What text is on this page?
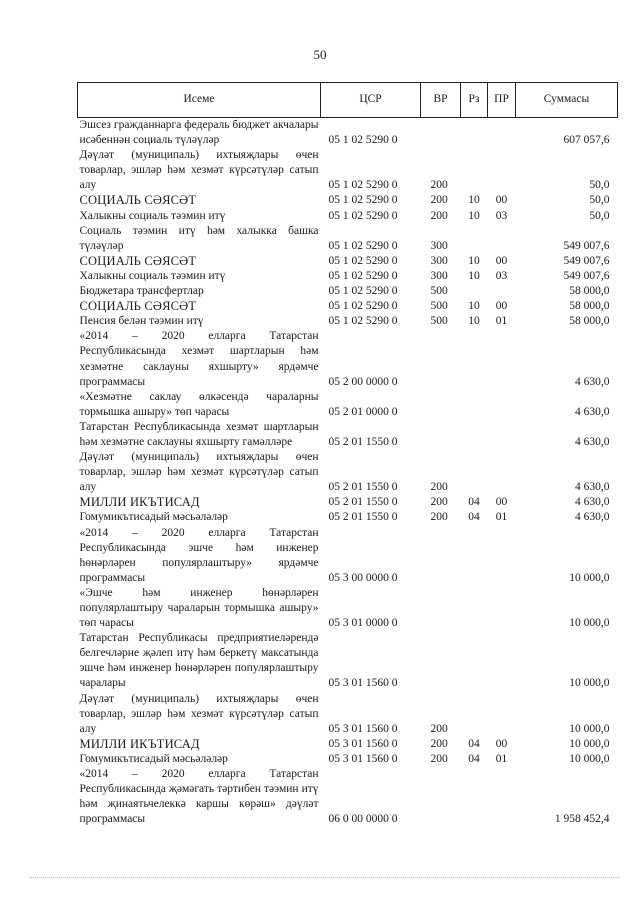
50
Исеме	ЦСР	ВР	Рз	ПР	Суммасы
Эшсез гражданнарга федераль бюджет акчалары исәбеннән социаль түләүләр	05 1 02 5290 0				607 057,6
Дәүләт (муниципаль) ихтыяҗлары өчен товарлар, эшләр һәм хезмәт күрсәтүләр сатып алу	05 1 02 5290 0	200			50,0
СОЦИАЛЬ СӘЯСӘТ	05 1 02 5290 0	200	10	00	50,0
Халыкны социаль тәэмин итү	05 1 02 5290 0	200	10	03	50,0
Социаль тәэмин итү һәм халыкка башка түләүләр	05 1 02 5290 0	300			549 007,6
СОЦИАЛЬ СӘЯСӘТ	05 1 02 5290 0	300	10	00	549 007,6
Халыкны социаль тәэмин итү	05 1 02 5290 0	300	10	03	549 007,6
Бюджетара трансфертлар	05 1 02 5290 0	500			58 000,0
СОЦИАЛЬ СӘЯСӘТ	05 1 02 5290 0	500	10	00	58 000,0
Пенсия белән тәэмин итү	05 1 02 5290 0	500	10	01	58 000,0
«2014 – 2020 елларга Татарстан Республикасында хезмәт шартларын һәм хезмәтне саклауны яхшырту» ярдәмче программасы	05 2 00 0000 0				4 630,0
«Хезмәтне саклау өлкәсендә чараларны тормышка ашыру» төп чарасы	05 2 01 0000 0				4 630,0
Татарстан Республикасында хезмәт шартларын һәм хезмәтне саклауны яхшырту гамәлләре	05 2 01 1550 0				4 630,0
Дәүләт (муниципаль) ихтыяҗлары өчен товарлар, эшләр һәм хезмәт күрсәтүләр сатып алу	05 2 01 1550 0	200			4 630,0
МИЛЛИ ИКЪТИСАД	05 2 01 1550 0	200	04	00	4 630,0
Гомумикътисадый мәсьәләләр	05 2 01 1550 0	200	04	01	4 630,0
«2014 – 2020 елларга Татарстан Республикасында эшче һәм инженер һөнәрләрен популярлаштыру» ярдәмче программасы	05 3 00 0000 0				10 000,0
«Эшче һәм инженер һөнәрләрен популярлаштыру чараларын тормышка ашыру» төп чарасы	05 3 01 0000 0				10 000,0
Татарстан Республикасы предприятиеләрендә белгечләрне җәлеп итү һәм беркетү максатында эшче һәм инженер һөнәрләрен популярлаштыру чаралары	05 3 01 1560 0				10 000,0
Дәүләт (муниципаль) ихтыяҗлары өчен товарлар, эшләр һәм хезмәт күрсәтүләр сатып алу	05 3 01 1560 0	200			10 000,0
МИЛЛИ ИКЪТИСАД	05 3 01 1560 0	200	04	00	10 000,0
Гомумикътисадый мәсьәләләр	05 3 01 1560 0	200	04	01	10 000,0
«2014 – 2020 елларга Татарстан Республикасында җәмәгать тәртибен тәэмин итү һәм җинаятьчелеккә каршы көрәш» дәүләт программасы	06 0 00 0000 0				1 958 452,4
